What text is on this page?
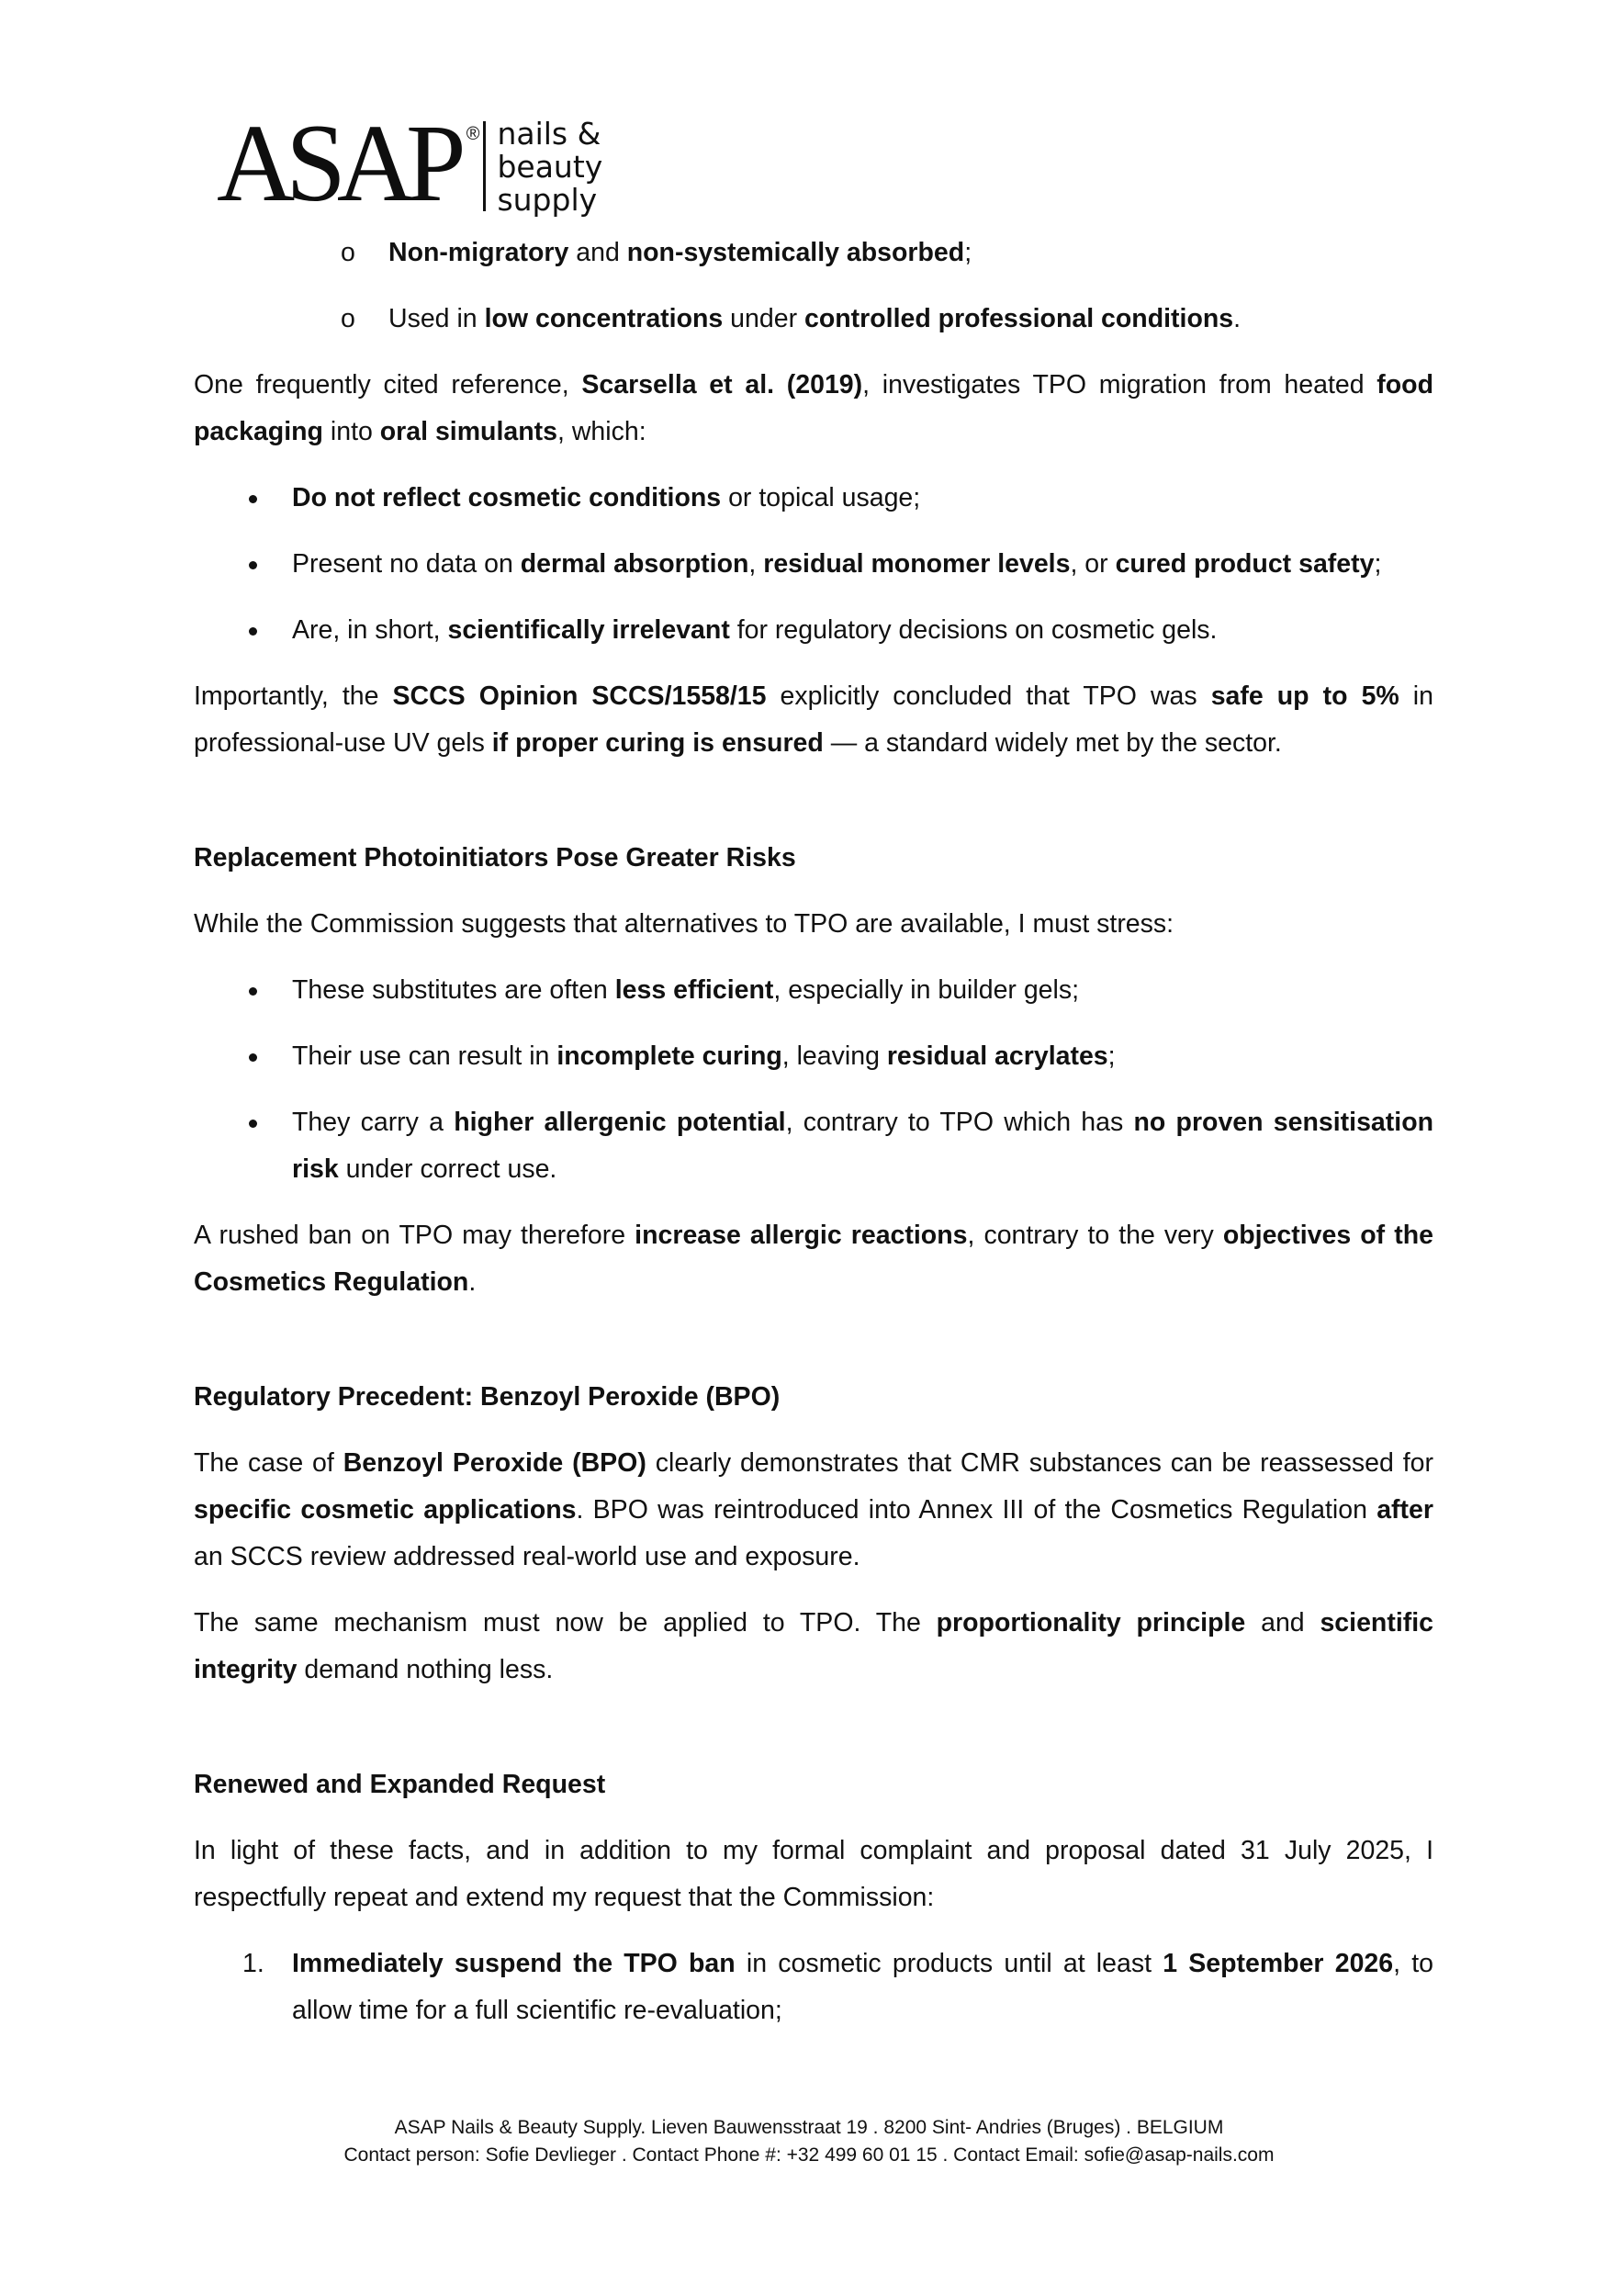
ASAP ® nails &
beauty
supply

o Non-migratory and non-systemically absorbed;

o Used in low concentrations under controlled professional conditions.

One frequently cited reference, Scarsella et al. (2019), investigates TPO migration from heated food packaging into oral simulants, which:

Do not reflect cosmetic conditions or topical usage;

Present no data on dermal absorption, residual monomer levels, or cured product safety;

Are, in short, scientifically irrelevant for regulatory decisions on cosmetic gels.

Importantly, the SCCS Opinion SCCS/1558/15 explicitly concluded that TPO was safe up to 5% in professional-use UV gels if proper curing is ensured — a standard widely met by the sector.

Replacement Photoinitiators Pose Greater Risks

While the Commission suggests that alternatives to TPO are available, I must stress:

These substitutes are often less efficient, especially in builder gels;

Their use can result in incomplete curing, leaving residual acrylates;

They carry a higher allergenic potential, contrary to TPO which has no proven sensitisation risk under correct use.

A rushed ban on TPO may therefore increase allergic reactions, contrary to the very objectives of the Cosmetics Regulation.

Regulatory Precedent: Benzoyl Peroxide (BPO)

The case of Benzoyl Peroxide (BPO) clearly demonstrates that CMR substances can be reassessed for specific cosmetic applications. BPO was reintroduced into Annex III of the Cosmetics Regulation after an SCCS review addressed real-world use and exposure.

The same mechanism must now be applied to TPO. The proportionality principle and scientific integrity demand nothing less.

Renewed and Expanded Request

In light of these facts, and in addition to my formal complaint and proposal dated 31 July 2025, I respectfully repeat and extend my request that the Commission:

1. Immediately suspend the TPO ban in cosmetic products until at least 1 September 2026, to allow time for a full scientific re-evaluation;

ASAP Nails & Beauty Supply. Lieven Bauwensstraat 19 . 8200 Sint- Andries (Bruges) . BELGIUM
Contact person: Sofie Devlieger . Contact Phone #: +32 499 60 01 15 . Contact Email: sofie@asap-nails.com
